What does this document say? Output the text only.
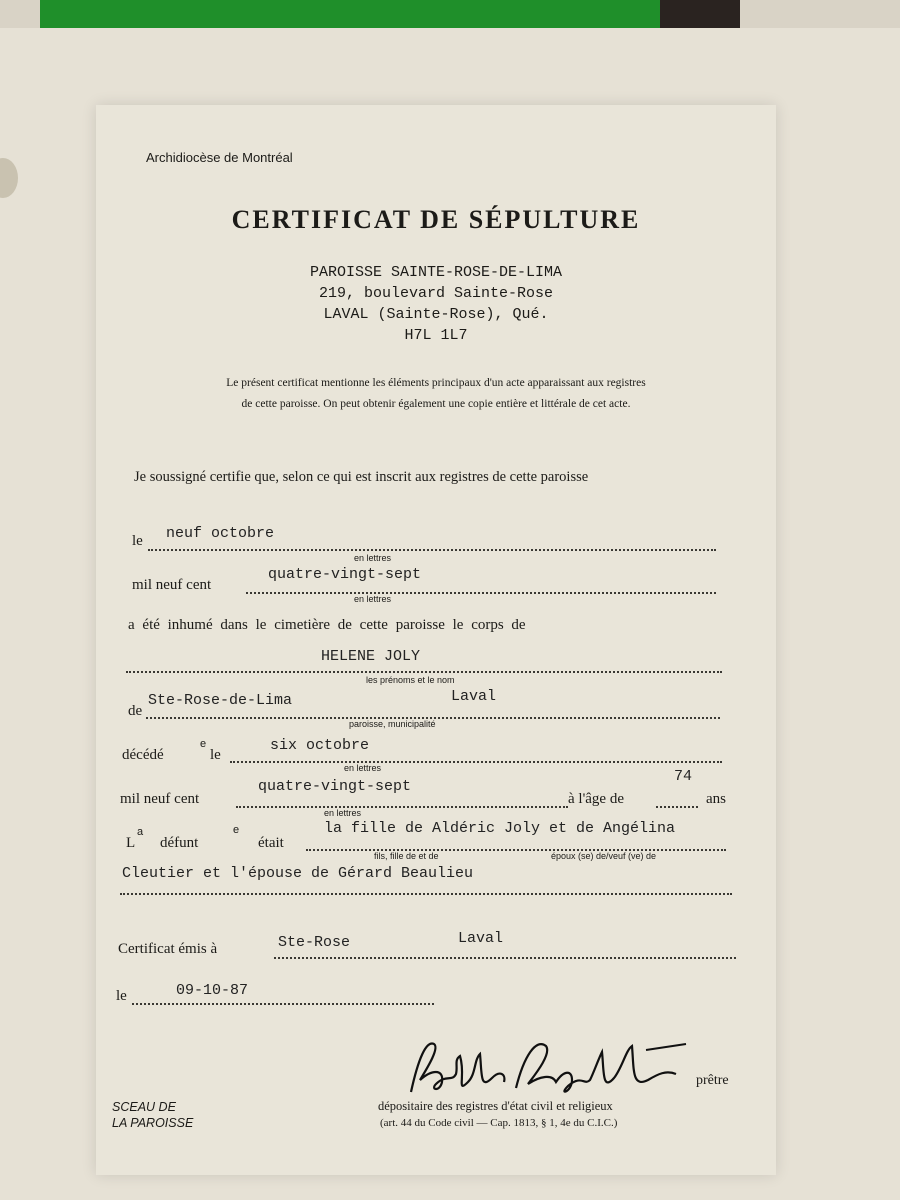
Archidiocèse de Montréal
CERTIFICAT DE SÉPULTURE
PAROISSE SAINTE-ROSE-DE-LIMA
219, boulevard Sainte-Rose
LAVAL (Sainte-Rose), Qué.
H7L 1L7
Le présent certificat mentionne les éléments principaux d'un acte apparaissant aux registres
de cette paroisse. On peut obtenir également une copie entière et littérale de cet acte.
Je soussigné certifie que, selon ce qui est inscrit aux registres de cette paroisse
le neuf octobre
en lettres
mil neuf cent
quatre-vingt-sept
en lettres
a été inhumé dans le cimetière de cette paroisse le corps de
HELENE JOLY
les prénoms et le nom
de
Ste-Rose-de-Lima	Laval
paroisse, municipalité
décédé
e
le
six octobre
en lettres
mil neuf cent
quatre-vingt-sept
en lettres
à l'âge de
74
ans
L
a
défunt
e
était
la fille de Aldéric Joly et de Angélina
fils, fille de et de	époux (se) de/veuf (ve) de
Cleutier et l'épouse de Gérard Beaulieu
Certificat émis à	Ste-Rose	Laval
le	09-10-87
SCEAU DE
LA PAROISSE
prêtre
dépositaire des registres d'état civil et religieux
(art. 44 du Code civil — Cap. 1813, § 1, 4e du C.I.C.)
